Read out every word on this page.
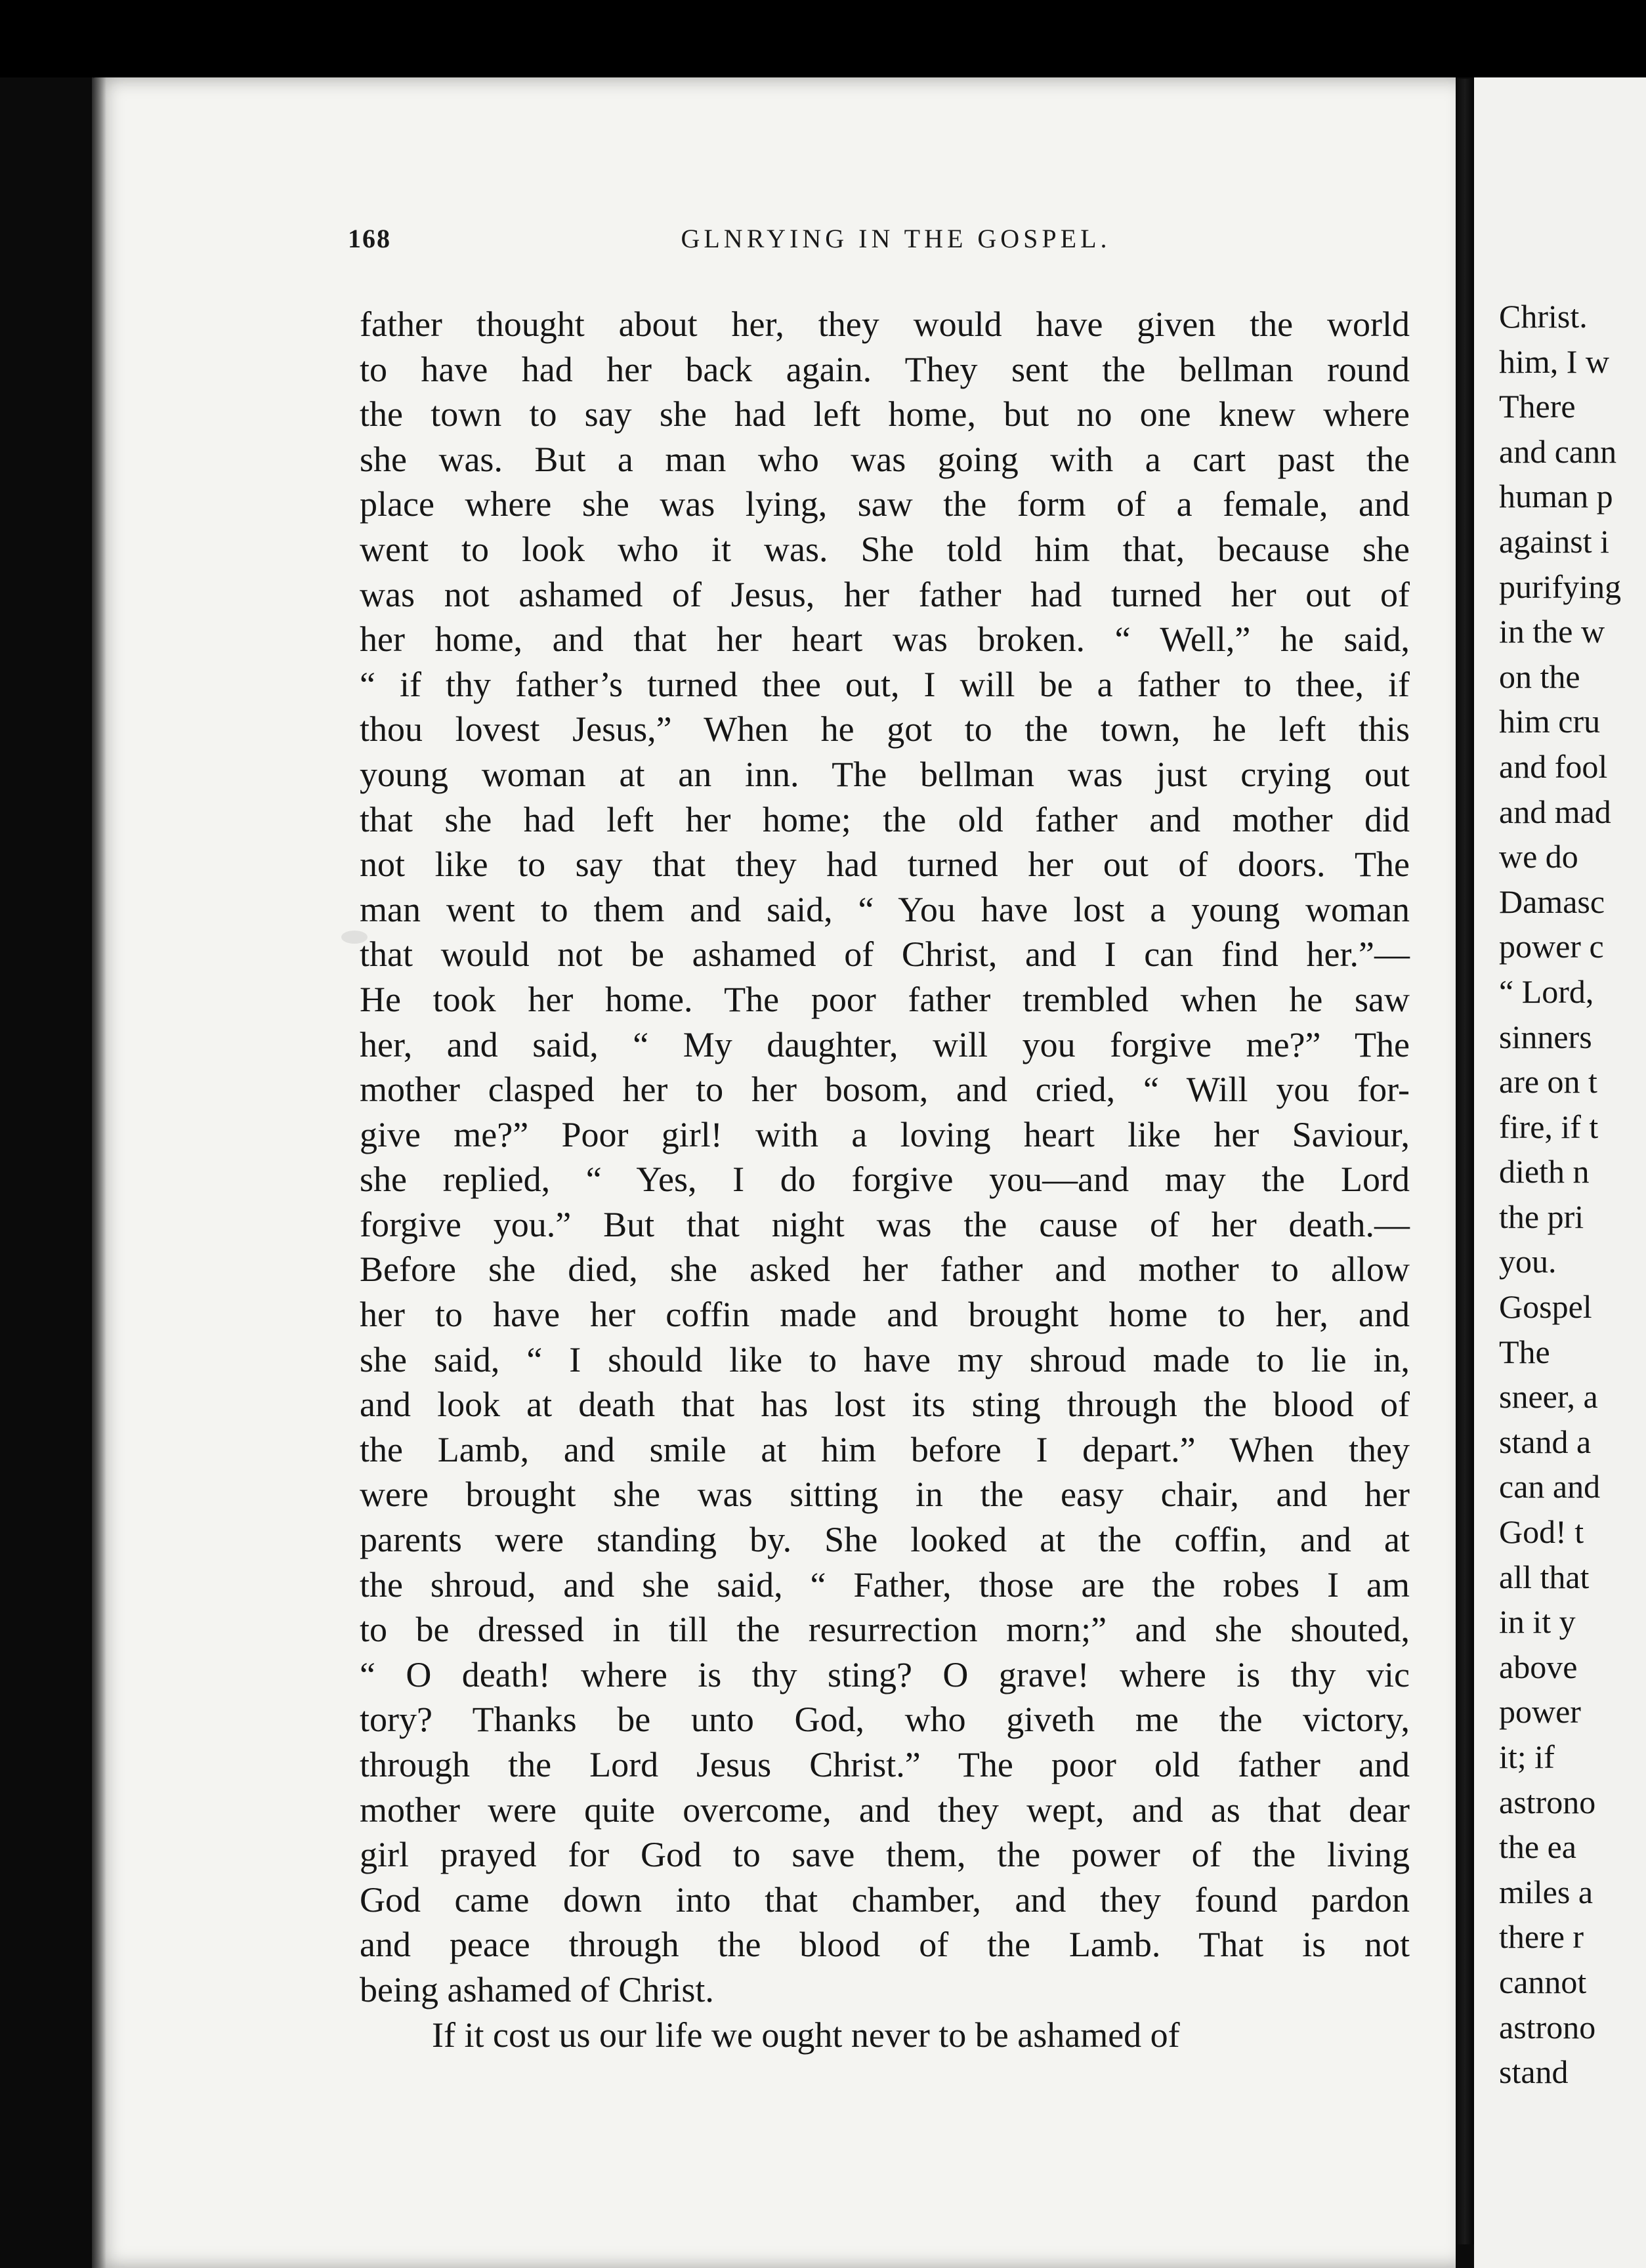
Christ.
him, I w
There
and cann
human p
against i
purifying
in the w
on the
him cru
and fool
and mad
we do
Damasc
power c
“ Lord,
sinners
are on t
fire, if t
dieth n
the pri
you.
Gospel
The
sneer, a
stand a
can and
God! t
all that
in it y
above
power
it; if
astrono
the ea
miles a
there r
cannot
astrono
stand
168	GLNRYING IN THE GOSPEL.
father thought about her, they would have given the world
to have had her back again. They sent the bellman round
the town to say she had left home, but no one knew where
she was. But a man who was going with a cart past the
place where she was lying, saw the form of a female, and
went to look who it was. She told him that, because she
was not ashamed of Jesus, her father had turned her out of
her home, and that her heart was broken. “ Well,” he said,
“ if thy father’s turned thee out, I will be a father to thee, if
thou lovest Jesus,” When he got to the town, he left this
young woman at an inn. The bellman was just crying out
that she had left her home; the old father and mother did
not like to say that they had turned her out of doors. The
man went to them and said, “ You have lost a young woman
that would not be ashamed of Christ, and I can find her.”—
He took her home. The poor father trembled when he saw
her, and said, “ My daughter, will you forgive me?” The
mother clasped her to her bosom, and cried, “ Will you for-
give me?” Poor girl! with a loving heart like her Saviour,
she replied, “ Yes, I do forgive you—and may the Lord
forgive you.” But that night was the cause of her death.—
Before she died, she asked her father and mother to allow
her to have her coffin made and brought home to her, and
she said, “ I should like to have my shroud made to lie in,
and look at death that has lost its sting through the blood of
the Lamb, and smile at him before I depart.” When they
were brought she was sitting in the easy chair, and her
parents were standing by. She looked at the coffin, and at
the shroud, and she said, “ Father, those are the robes I am
to be dressed in till the resurrection morn;” and she shouted,
“ O death! where is thy sting? O grave! where is thy vic
tory? Thanks be unto God, who giveth me the victory,
through the Lord Jesus Christ.” The poor old father and
mother were quite overcome, and they wept, and as that dear
girl prayed for God to save them, the power of the living
God came down into that chamber, and they found pardon
and peace through the blood of the Lamb. That is not
being ashamed of Christ.
If it cost us our life we ought never to be ashamed of
